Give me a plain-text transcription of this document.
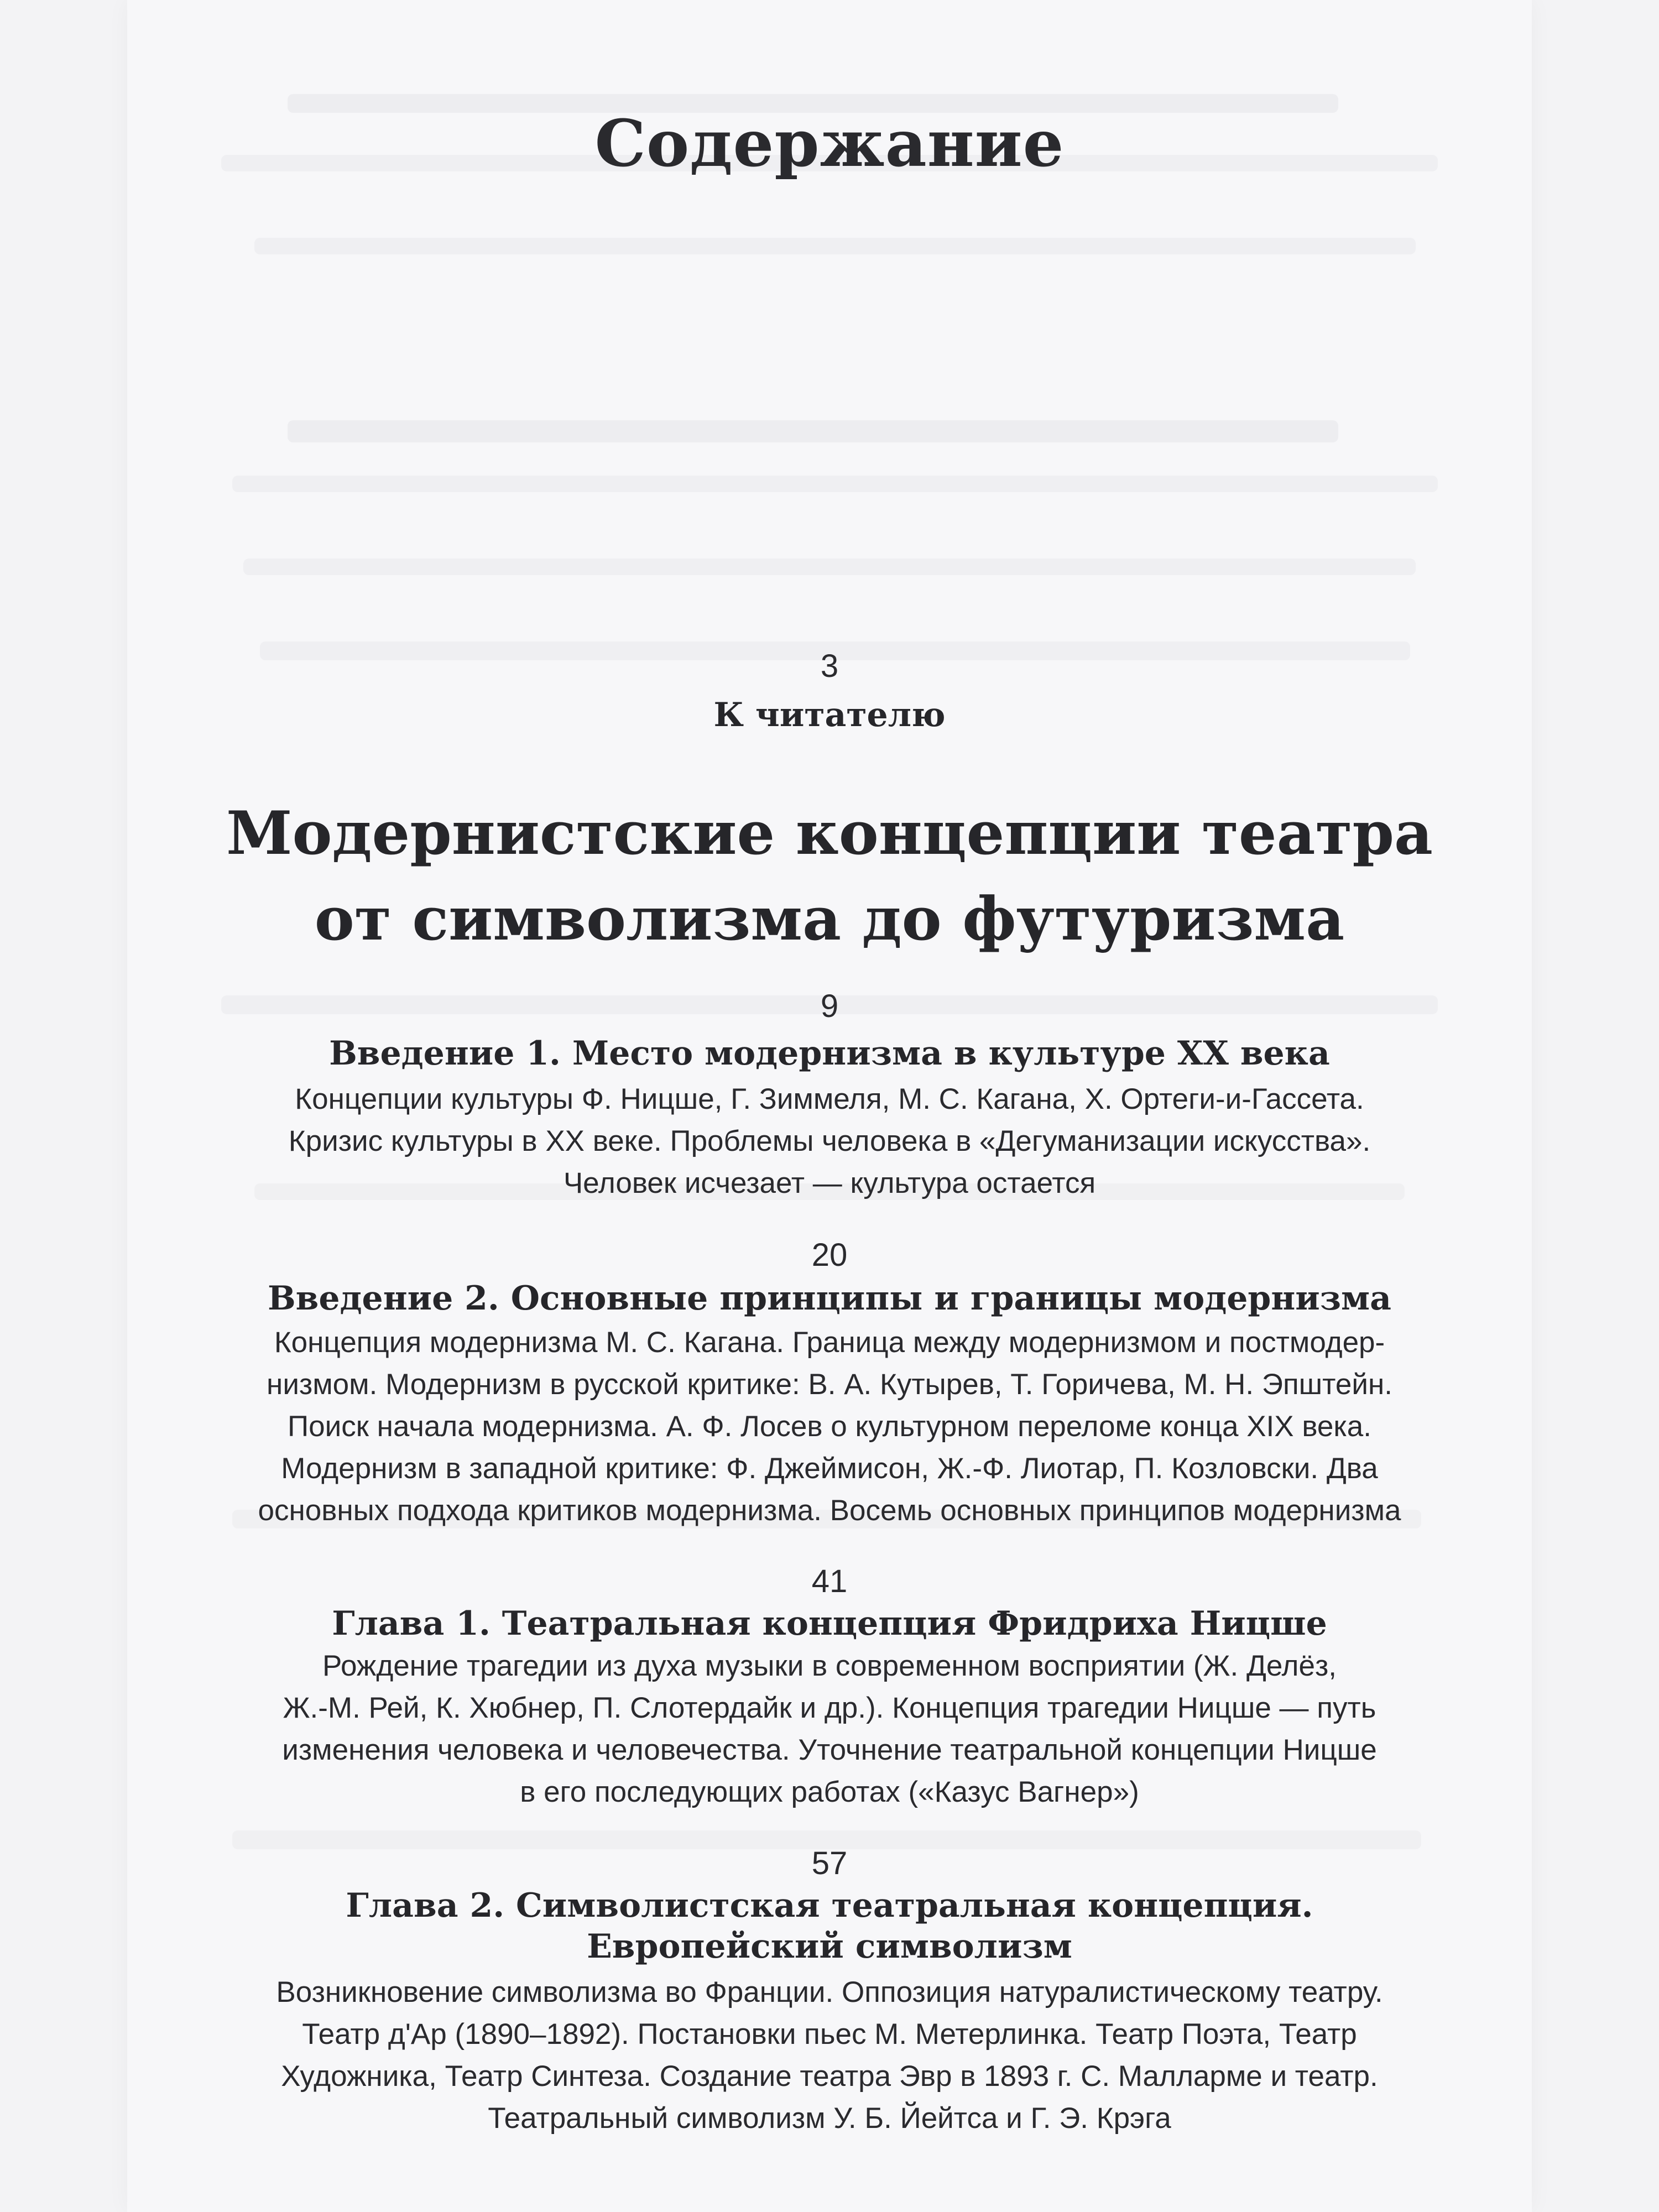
Содержание
3
К читателю
Модернистские концепции театра от символизма до футуризма
9
Введение 1. Место модернизма в культуре XX века
Концепции культуры Ф. Ницше, Г. Зиммеля, М. С. Кагана, Х. Ортеги-и-Гассета.
Кризис культуры в XX веке. Проблемы человека в «Дегуманизации искусства».
Человек исчезает — культура остается
20
Введение 2. Основные принципы и границы модернизма
Концепция модернизма М. С. Кагана. Граница между модернизмом и постмодер-
низмом. Модернизм в русской критике: В. А. Кутырев, Т. Горичева, М. Н. Эпштейн.
Поиск начала модернизма. А. Ф. Лосев о культурном переломе конца XIX века.
Модернизм в западной критике: Ф. Джеймисон, Ж.-Ф. Лиотар, П. Козловски. Два
основных подхода критиков модернизма. Восемь основных принципов модернизма
41
Глава 1. Театральная концепция Фридриха Ницше
Рождение трагедии из духа музыки в современном восприятии (Ж. Делёз,
Ж.-М. Рей, К. Хюбнер, П. Слотердайк и др.). Концепция трагедии Ницше — путь
изменения человека и человечества. Уточнение театральной концепции Ницше
в его последующих работах («Казус Вагнер»)
57
Глава 2. Символистская театральная концепция.
Европейский символизм
Возникновение символизма во Франции. Оппозиция натуралистическому театру.
Театр д'Ар (1890–1892). Постановки пьес М. Метерлинка. Театр Поэта, Театр
Художника, Театр Синтеза. Создание театра Эвр в 1893 г. С. Малларме и театр.
Театральный символизм У. Б. Йейтса и Г. Э. Крэга
